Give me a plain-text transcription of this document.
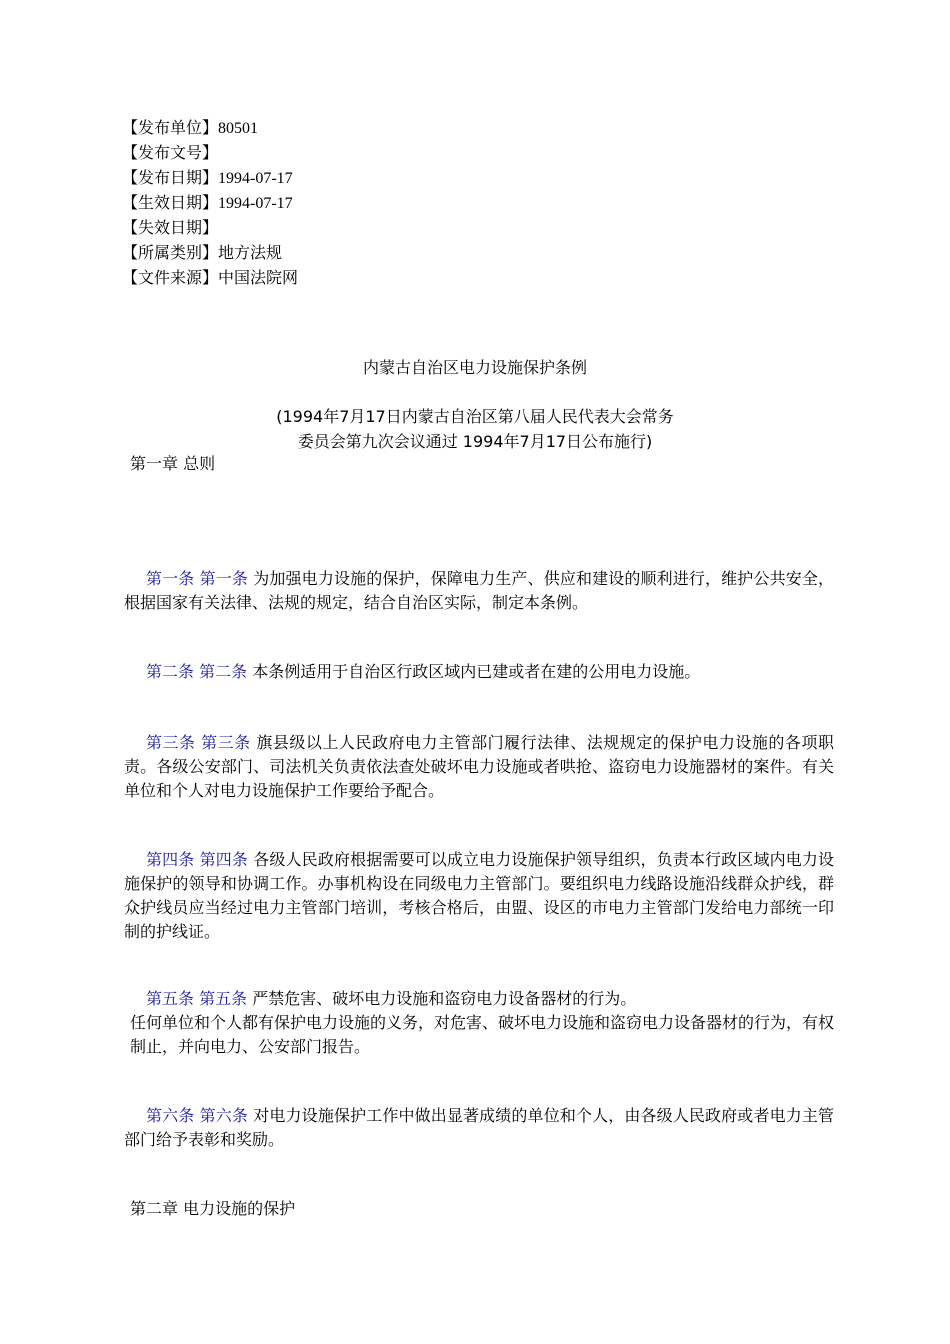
【发布单位】80501
【发布文号】
【发布日期】1994-07-17
【生效日期】1994-07-17
【失效日期】
【所属类别】地方法规
【文件来源】中国法院网
内蒙古自治区电力设施保护条例
(1994年7月17日内蒙古自治区第八届人民代表大会常务
委员会第九次会议通过 1994年7月17日公布施行)
第一章 总则
第一条 第一条 为加强电力设施的保护，保障电力生产、供应和建设的顺利进行，维护公共安全，根据国家有关法律、法规的规定，结合自治区实际，制定本条例。
第二条 第二条 本条例适用于自治区行政区域内已建或者在建的公用电力设施。
第三条 第三条 旗县级以上人民政府电力主管部门履行法律、法规规定的保护电力设施的各项职责。各级公安部门、司法机关负责依法查处破坏电力设施或者哄抢、盗窃电力设施器材的案件。有关单位和个人对电力设施保护工作要给予配合。
第四条 第四条 各级人民政府根据需要可以成立电力设施保护领导组织，负责本行政区域内电力设施保护的领导和协调工作。办事机构设在同级电力主管部门。要组织电力线路设施沿线群众护线，群众护线员应当经过电力主管部门培训，考核合格后，由盟、设区的市电力主管部门发给电力部统一印制的护线证。
第五条 第五条 严禁危害、破坏电力设施和盗窃电力设备器材的行为。
任何单位和个人都有保护电力设施的义务，对危害、破坏电力设施和盗窃电力设备器材的行为，有权制止，并向电力、公安部门报告。
第六条 第六条 对电力设施保护工作中做出显著成绩的单位和个人，由各级人民政府或者电力主管部门给予表彰和奖励。
第二章 电力设施的保护
